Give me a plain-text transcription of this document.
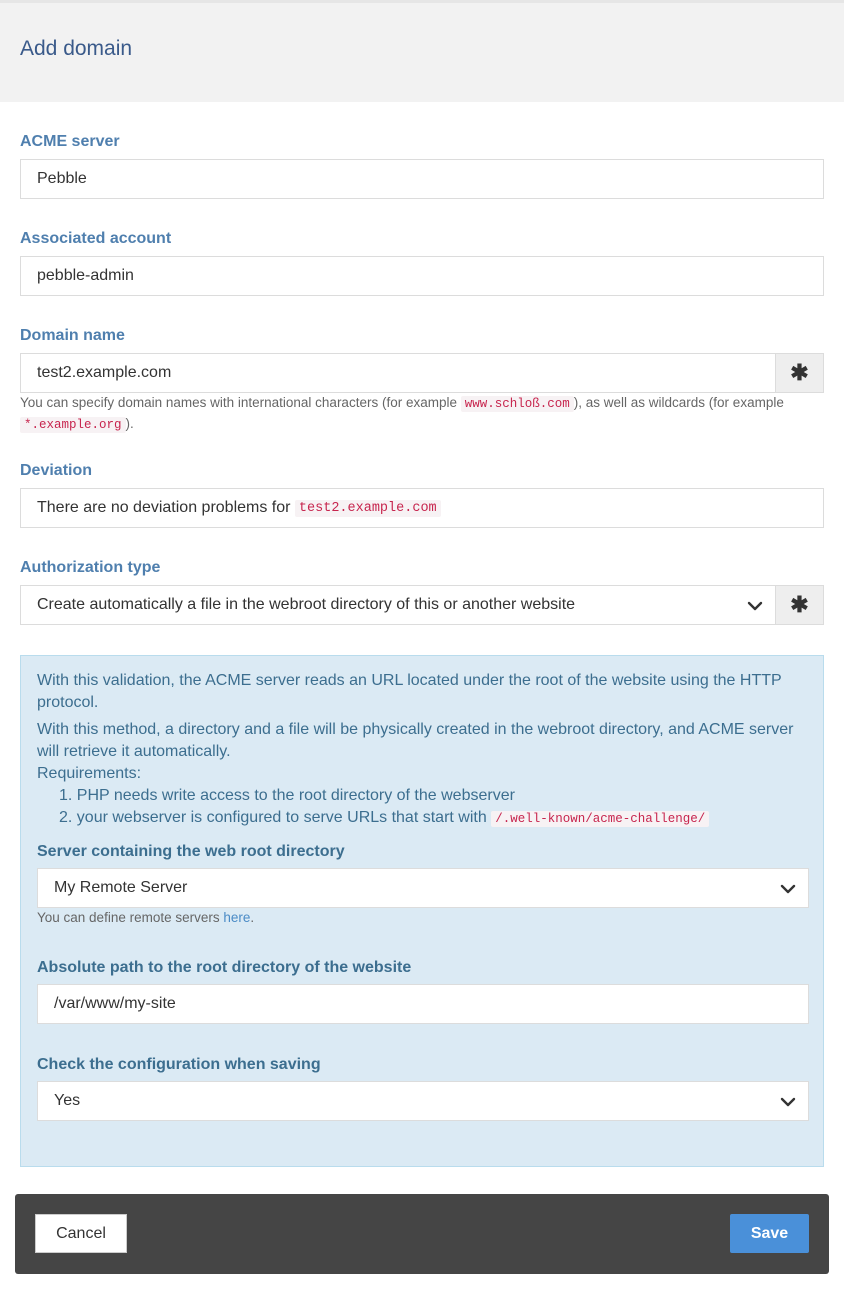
Add domain
ACME server
Pebble
Associated account
pebble-admin
Domain name
test2.example.com
✱
You can specify domain names with international characters (for example www.schloß.com ), as well as wildcards (for example *.example.org ).
Deviation
There are no deviation problems for test2.example.com
Authorization type
Create automatically a file in the webroot directory of this or another website	✱
With this validation, the ACME server reads an URL located under the root of the website using the HTTP protocol.
With this method, a directory and a file will be physically created in the webroot directory, and ACME server will retrieve it automatically.
Requirements:
1. PHP needs write access to the root directory of the webserver
2. your webserver is configured to serve URLs that start with /.well-known/acme-challenge/
Server containing the web root directory
My Remote Server
You can define remote servers here.
Absolute path to the root directory of the website
/var/www/my-site
Check the configuration when saving
Yes
Cancel	Save
